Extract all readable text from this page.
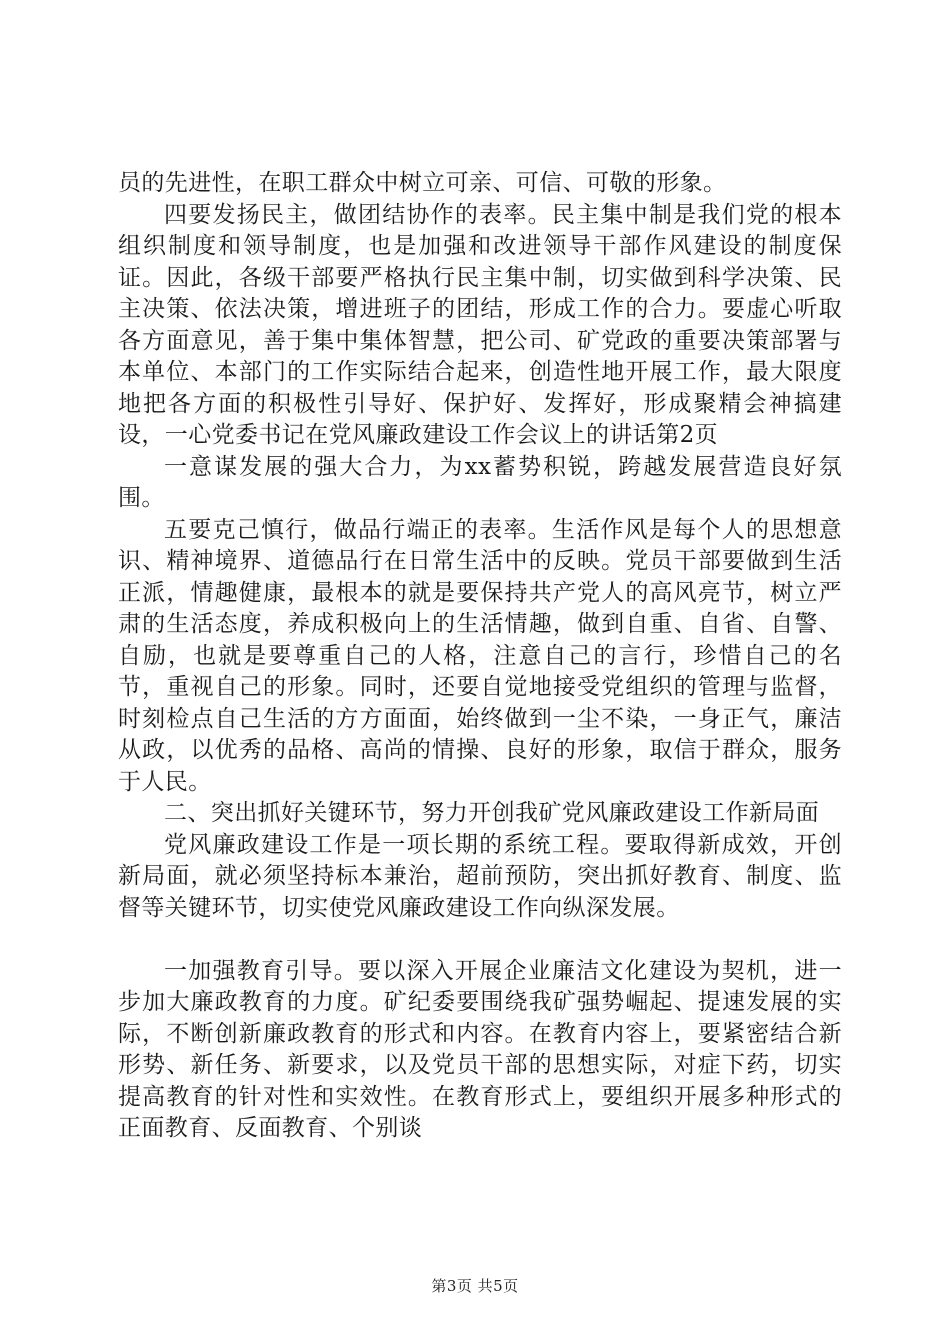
员的先进性，在职工群众中树立可亲、可信、可敬的形象。

四要发扬民主，做团结协作的表率。民主集中制是我们党的根本组织制度和领导制度，也是加强和改进领导干部作风建设的制度保证。因此，各级干部要严格执行民主集中制，切实做到科学决策、民主决策、依法决策，增进班子的团结，形成工作的合力。要虚心听取各方面意见，善于集中集体智慧，把公司、矿党政的重要决策部署与本单位、本部门的工作实际结合起来，创造性地开展工作，最大限度地把各方面的积极性引导好、保护好、发挥好，形成聚精会神搞建设，一心党委书记在党风廉政建设工作会议上的讲话第2页

一意谋发展的强大合力，为xx蓄势积锐，跨越发展营造良好氛围。

五要克己慎行，做品行端正的表率。生活作风是每个人的思想意识、精神境界、道德品行在日常生活中的反映。党员干部要做到生活正派，情趣健康，最根本的就是要保持共产党人的高风亮节，树立严肃的生活态度，养成积极向上的生活情趣，做到自重、自省、自警、自励，也就是要尊重自己的人格，注意自己的言行，珍惜自己的名节，重视自己的形象。同时，还要自觉地接受党组织的管理与监督，时刻检点自己生活的方方面面，始终做到一尘不染，一身正气，廉洁从政，以优秀的品格、高尚的情操、良好的形象，取信于群众，服务于人民。

二、突出抓好关键环节，努力开创我矿党风廉政建设工作新局面

党风廉政建设工作是一项长期的系统工程。要取得新成效，开创新局面，就必须坚持标本兼治，超前预防，突出抓好教育、制度、监督等关键环节，切实使党风廉政建设工作向纵深发展。

一加强教育引导。要以深入开展企业廉洁文化建设为契机，进一步加大廉政教育的力度。矿纪委要围绕我矿强势崛起、提速发展的实际，不断创新廉政教育的形式和内容。在教育内容上，要紧密结合新形势、新任务、新要求，以及党员干部的思想实际，对症下药，切实提高教育的针对性和实效性。在教育形式上，要组织开展多种形式的正面教育、反面教育、个别谈

第3页 共5页
